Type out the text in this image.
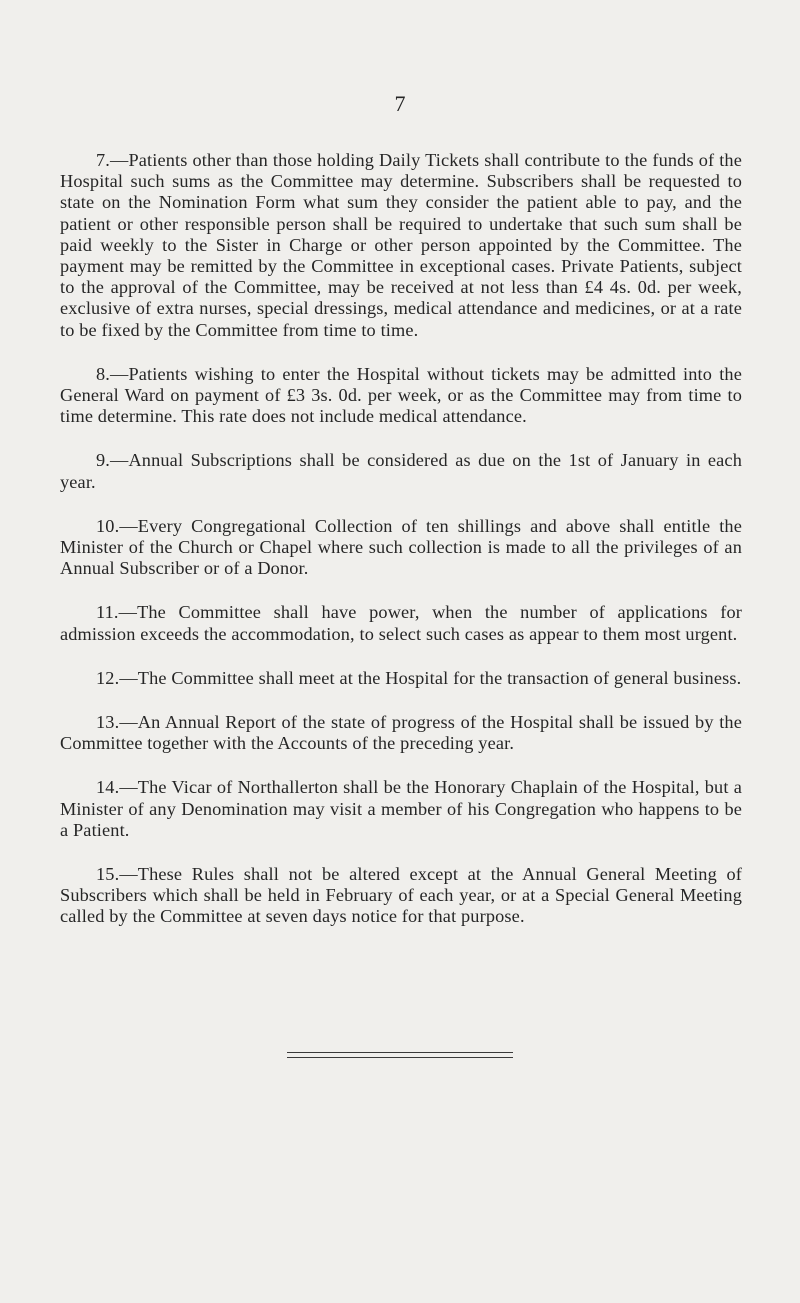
7

7.—Patients other than those holding Daily Tickets shall contribute to the funds of the Hospital such sums as the Committee may determine. Subscribers shall be requested to state on the Nomination Form what sum they consider the patient able to pay, and the patient or other responsible person shall be required to undertake that such sum shall be paid weekly to the Sister in Charge or other person appointed by the Committee. The payment may be remitted by the Committee in exceptional cases. Private Patients, subject to the approval of the Committee, may be received at not less than £4 4s. 0d. per week, exclusive of extra nurses, special dressings, medical attendance and medicines, or at a rate to be fixed by the Committee from time to time.

8.—Patients wishing to enter the Hospital without tickets may be admitted into the General Ward on payment of £3 3s. 0d. per week, or as the Committee may from time to time determine. This rate does not include medical attendance.

9.—Annual Subscriptions shall be considered as due on the 1st of January in each year.

10.—Every Congregational Collection of ten shillings and above shall entitle the Minister of the Church or Chapel where such collection is made to all the privileges of an Annual Subscriber or of a Donor.

11.—The Committee shall have power, when the number of applications for admission exceeds the accommodation, to select such cases as appear to them most urgent.

12.—The Committee shall meet at the Hospital for the transaction of general business.

13.—An Annual Report of the state of progress of the Hospital shall be issued by the Committee together with the Accounts of the preceding year.

14.—The Vicar of Northallerton shall be the Honorary Chaplain of the Hospital, but a Minister of any Denomination may visit a member of his Congregation who happens to be a Patient.

15.—These Rules shall not be altered except at the Annual General Meeting of Subscribers which shall be held in February of each year, or at a Special General Meeting called by the Committee at seven days notice for that purpose.
